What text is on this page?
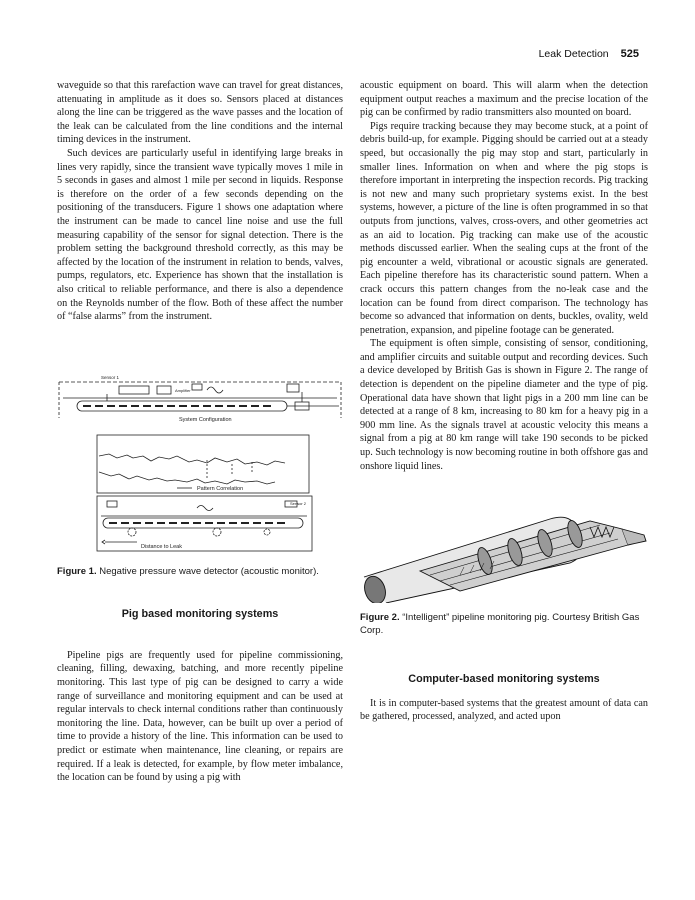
Leak Detection 525

waveguide so that this rarefaction wave can travel for great distances, attenuating in amplitude as it does so. Sensors placed at distances along the line can be triggered as the wave passes and the location of the leak can be calculated from the line conditions and the internal timing devices in the instrument.

Such devices are particularly useful in identifying large breaks in lines very rapidly, since the transient wave typically moves 1 mile in 5 seconds in gases and almost 1 mile per second in liquids. Response is therefore on the order of a few seconds depending on the positioning of the transducers. Figure 1 shows one adaptation where the instrument can be made to cancel line noise and use the full measuring capability of the sensor for signal detection. There is the problem setting the background threshold correctly, as this may be affected by the location of the instrument in relation to bends, valves, pumps, regulators, etc. Experience has shown that the installation is also critical to reliable performance, and there is also a dependence on the Reynolds number of the flow. Both of these affect the number of “false alarms” from the instrument.

Sensor 1
Amplifier
System Configuration
Pattern Correlation
Sensor 2
Distance to Leak
Figure 1. Negative pressure wave detector (acoustic monitor).
Pig based monitoring systems

Pipeline pigs are frequently used for pipeline commissioning, cleaning, filling, dewaxing, batching, and more recently pipeline monitoring. This last type of pig can be designed to carry a wide range of surveillance and monitoring equipment and can be used at regular intervals to check internal conditions rather than continuously monitoring the line. Data, however, can be built up over a period of time to provide a history of the line. This information can be used to predict or estimate when maintenance, line cleaning, or repairs are required. If a leak is detected, for example, by flow meter imbalance, the location can be found by using a pig with

acoustic equipment on board. This will alarm when the detection equipment output reaches a maximum and the precise location of the pig can be confirmed by radio transmitters also mounted on board.

Pigs require tracking because they may become stuck, at a point of debris build-up, for example. Pigging should be carried out at a steady speed, but occasionally the pig may stop and start, particularly in smaller lines. Information on when and where the pig stops is therefore important in interpreting the inspection records. Pig tracking is not new and many such proprietary systems exist. In the best systems, however, a picture of the line is often programmed in so that outputs from junctions, valves, cross-overs, and other geometries act as an aid to location. Pig tracking can make use of the acoustic methods discussed earlier. When the sealing cups at the front of the pig encounter a weld, vibrational or acoustic signals are generated. Each pipeline therefore has its characteristic sound pattern. When a crack occurs this pattern changes from the no-leak case and the location can be found from direct comparison. The technology has become so advanced that information on dents, buckles, ovality, weld penetration, expansion, and pipeline footage can be generated.

The equipment is often simple, consisting of sensor, conditioning, and amplifier circuits and suitable output and recording devices. Such a device developed by British Gas is shown in Figure 2. The range of detection is dependent on the pipeline diameter and the type of pig. Operational data have shown that light pigs in a 200 mm line can be detected at a range of 8 km, increasing to 80 km for a heavy pig in a 900 mm line. As the signals travel at acoustic velocity this means a signal from a pig at 80 km range will take 190 seconds to be picked up. Such technology is now becoming routine in both offshore gas and onshore liquid lines.

Figure 2. “Intelligent” pipeline monitoring pig. Courtesy British Gas Corp.
Computer-based monitoring systems

It is in computer-based systems that the greatest amount of data can be gathered, processed, analyzed, and acted upon
